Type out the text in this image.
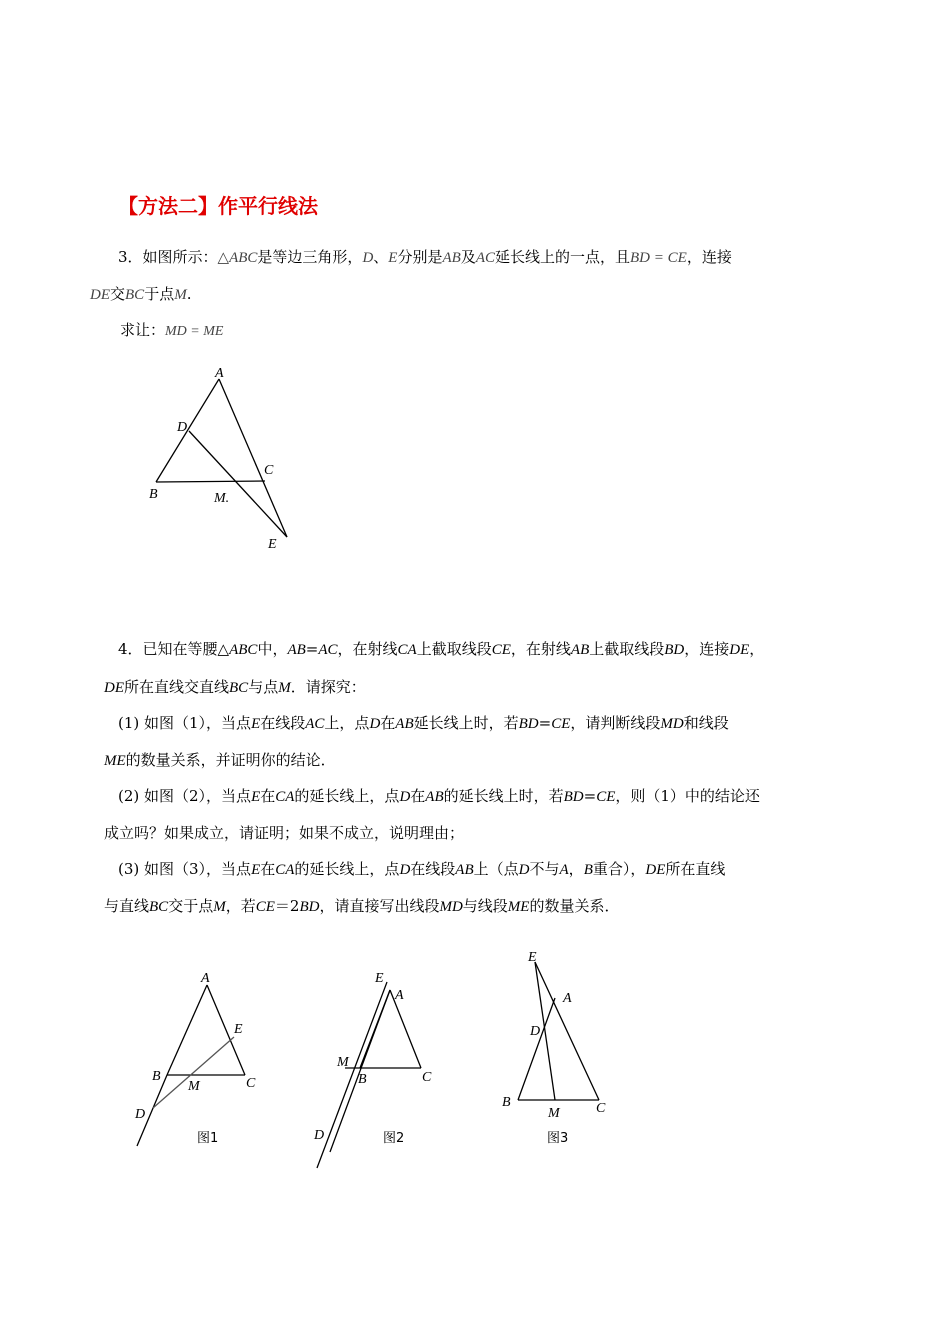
【方法二】作平行线法
3．如图所示：△ABC是等边三角形，D、E分别是AB及AC延长线上的一点，且BD = CE，连接
DE交BC于点M.
求让：MD = ME
A
D
B
C
M.
E
4．已知在等腰△ABC中，AB=AC，在射线CA上截取线段CE，在射线AB上截取线段BD，连接DE，
DE所在直线交直线BC与点M．请探究：
(1) 如图（1），当点E在线段AC上，点D在AB延长线上时，若BD=CE，请判断线段MD和线段
ME的数量关系，并证明你的结论．
(2) 如图（2），当点E在CA的延长线上，点D在AB的延长线上时，若BD=CE，则（1）中的结论还
成立吗？如果成立，请证明；如果不成立，说明理由；
(3) 如图（3），当点E在CA的延长线上，点D在线段AB上（点D不与A，B重合），DE所在直线
与直线BC交于点M，若CE＝2BD，请直接写出线段MD与线段ME的数量关系．
A
E
B
M	C
D
图1
E
A
M
B	C
D	图2
E
A
D
B
M	C
图3
